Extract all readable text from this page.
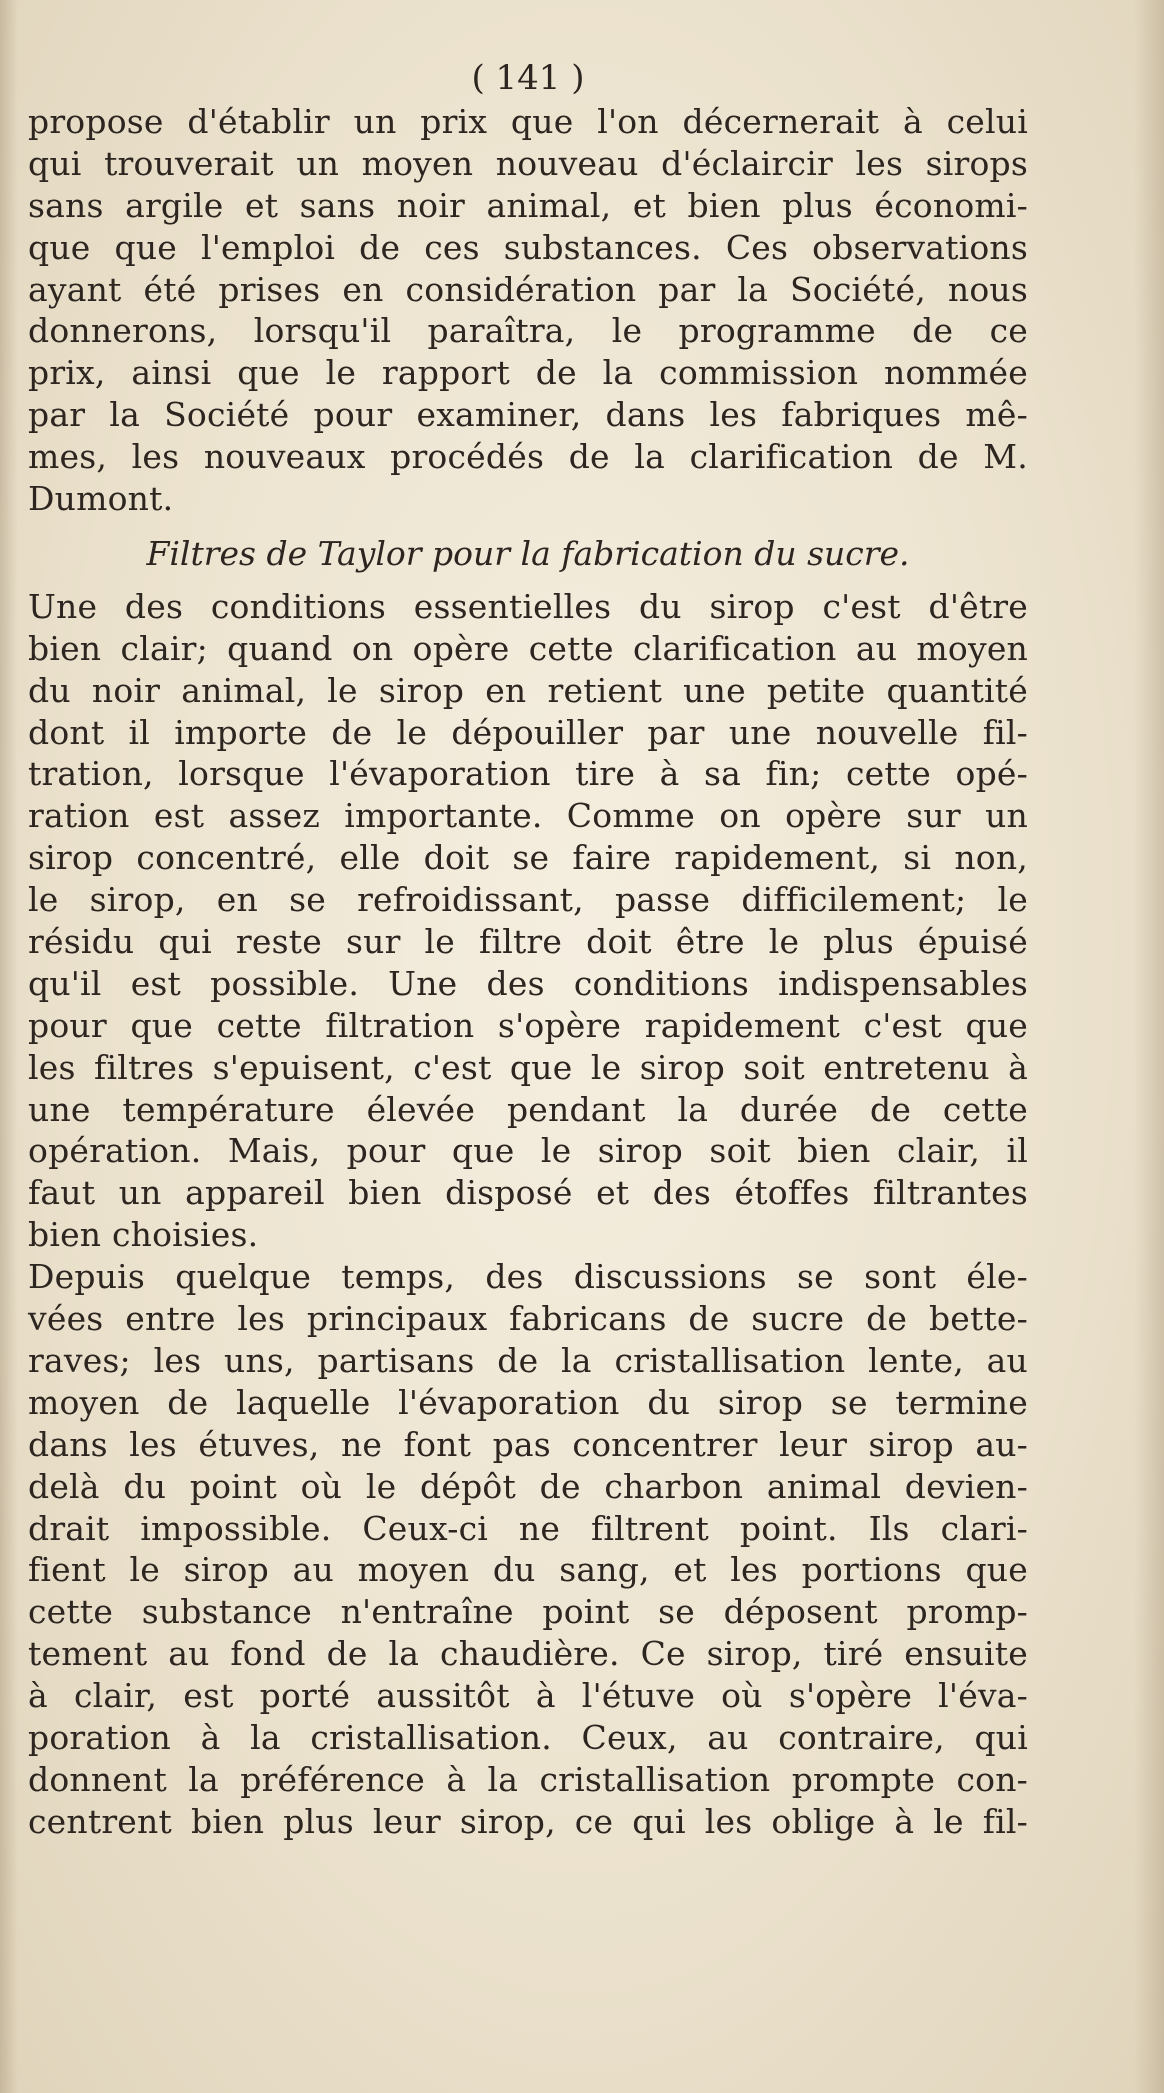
( 141 )
propose d'établir un prix que l'on décernerait à celui
qui trouverait un moyen nouveau d'éclaircir les sirops
sans argile et sans noir animal, et bien plus économi-
que que l'emploi de ces substances. Ces observations
ayant été prises en considération par la Société, nous
donnerons, lorsqu'il paraîtra, le programme de ce
prix, ainsi que le rapport de la commission nommée
par la Société pour examiner, dans les fabriques mê-
mes, les nouveaux procédés de la clarification de M.
Dumont.
Filtres de Taylor pour la fabrication du sucre.
Une des conditions essentielles du sirop c'est d'être
bien clair; quand on opère cette clarification au moyen
du noir animal, le sirop en retient une petite quantité
dont il importe de le dépouiller par une nouvelle fil-
tration, lorsque l'évaporation tire à sa fin; cette opé-
ration est assez importante. Comme on opère sur un
sirop concentré, elle doit se faire rapidement, si non,
le sirop, en se refroidissant, passe difficilement; le
résidu qui reste sur le filtre doit être le plus épuisé
qu'il est possible. Une des conditions indispensables
pour que cette filtration s'opère rapidement c'est que
les filtres s'epuisent, c'est que le sirop soit entretenu à
une température élevée pendant la durée de cette
opération. Mais, pour que le sirop soit bien clair, il
faut un appareil bien disposé et des étoffes filtrantes
bien choisies.
Depuis quelque temps, des discussions se sont éle-
vées entre les principaux fabricans de sucre de bette-
raves; les uns, partisans de la cristallisation lente, au
moyen de laquelle l'évaporation du sirop se termine
dans les étuves, ne font pas concentrer leur sirop au-
delà du point où le dépôt de charbon animal devien-
drait impossible. Ceux-ci ne filtrent point. Ils clari-
fient le sirop au moyen du sang, et les portions que
cette substance n'entraîne point se déposent promp-
tement au fond de la chaudière. Ce sirop, tiré ensuite
à clair, est porté aussitôt à l'étuve où s'opère l'éva-
poration à la cristallisation. Ceux, au contraire, qui
donnent la préférence à la cristallisation prompte con-
centrent bien plus leur sirop, ce qui les oblige à le fil-
